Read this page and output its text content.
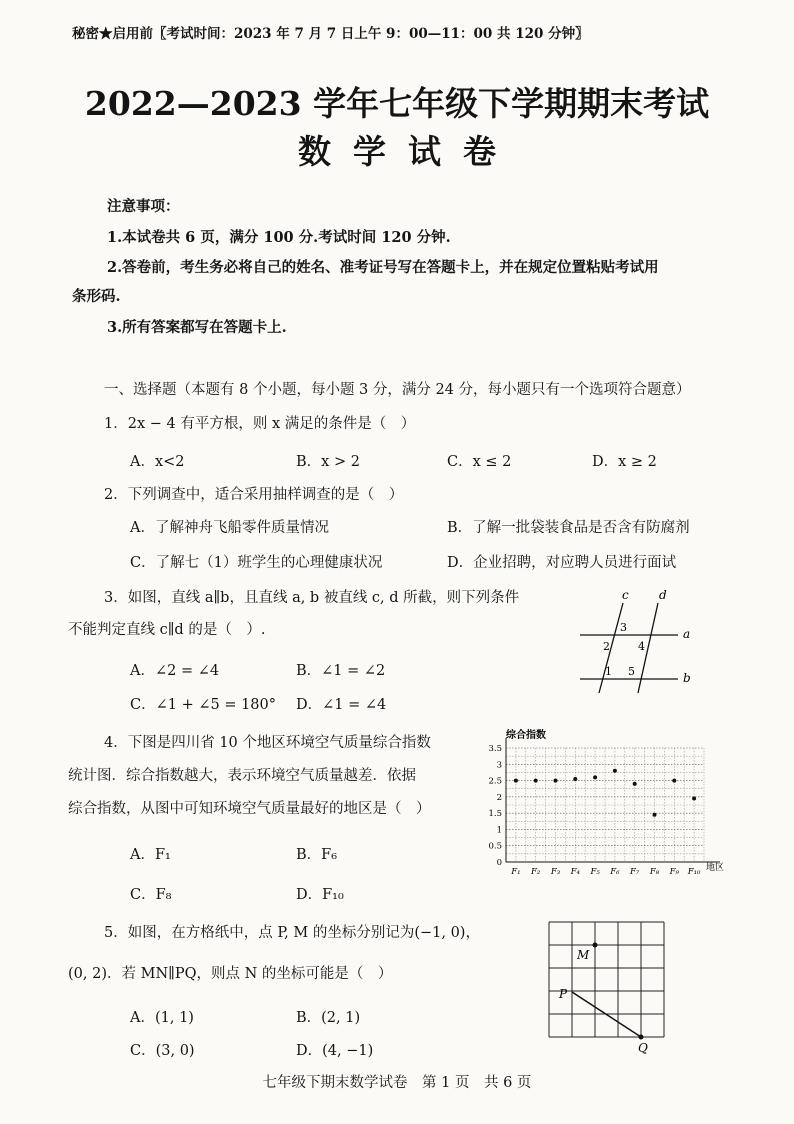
秘密★启用前〖考试时间：2023 年 7 月 7 日上午 9：00—11：00 共 120 分钟〗
2022—2023 学年七年级下学期期末考试
数学试卷
注意事项：
1.本试卷共 6 页，满分 100 分.考试时间 120 分钟.
2.答卷前，考生务必将自己的姓名、准考证号写在答题卡上，并在规定位置粘贴考试用
条形码.
3.所有答案都写在答题卡上.
一、选择题（本题有 8 个小题，每小题 3 分，满分 24 分，每小题只有一个选项符合题意）
1．2x − 4 有平方根，则 x 满足的条件是（　）
A．x<2	B．x > 2	C．x ≤ 2	D．x ≥ 2
2．下列调查中，适合采用抽样调查的是（　）
A．了解神舟飞船零件质量情况	B．了解一批袋装食品是否含有防腐剂
C．了解七（1）班学生的心理健康状况	D．企业招聘，对应聘人员进行面试
3．如图，直线 a∥b，且直线 a, b 被直线 c, d 所截，则下列条件
不能判定直线 c∥d 的是（　）.
A．∠2 = ∠4	B．∠1 = ∠2
C．∠1 + ∠5 = 180° D．∠1 = ∠4
c	d
a
b
3
2	4
1 5
4．下图是四川省 10 个地区环境空气质量综合指数
统计图．综合指数越大，表示环境空气质量越差．依据
综合指数，从图中可知环境空气质量最好的地区是（　）
A．F₁	B．F₆
C．F₈	D．F₁₀
综合指数
0
0.5
1
1.5
2
2.5
3
3.5
F₁ F₂ F₃ F₄ F₅ F₆ F₇ F₈ F₉ F₁₀ 地区
5．如图，在方格纸中，点 P, M 的坐标分别记为(−1, 0)，
(0, 2)．若 MN∥PQ，则点 N 的坐标可能是（　）
A．(1, 1)	B．(2, 1)
C．(3, 0)	D．(4, −1)
M
P
Q
七年级下期末数学试卷　第 1 页　共 6 页
